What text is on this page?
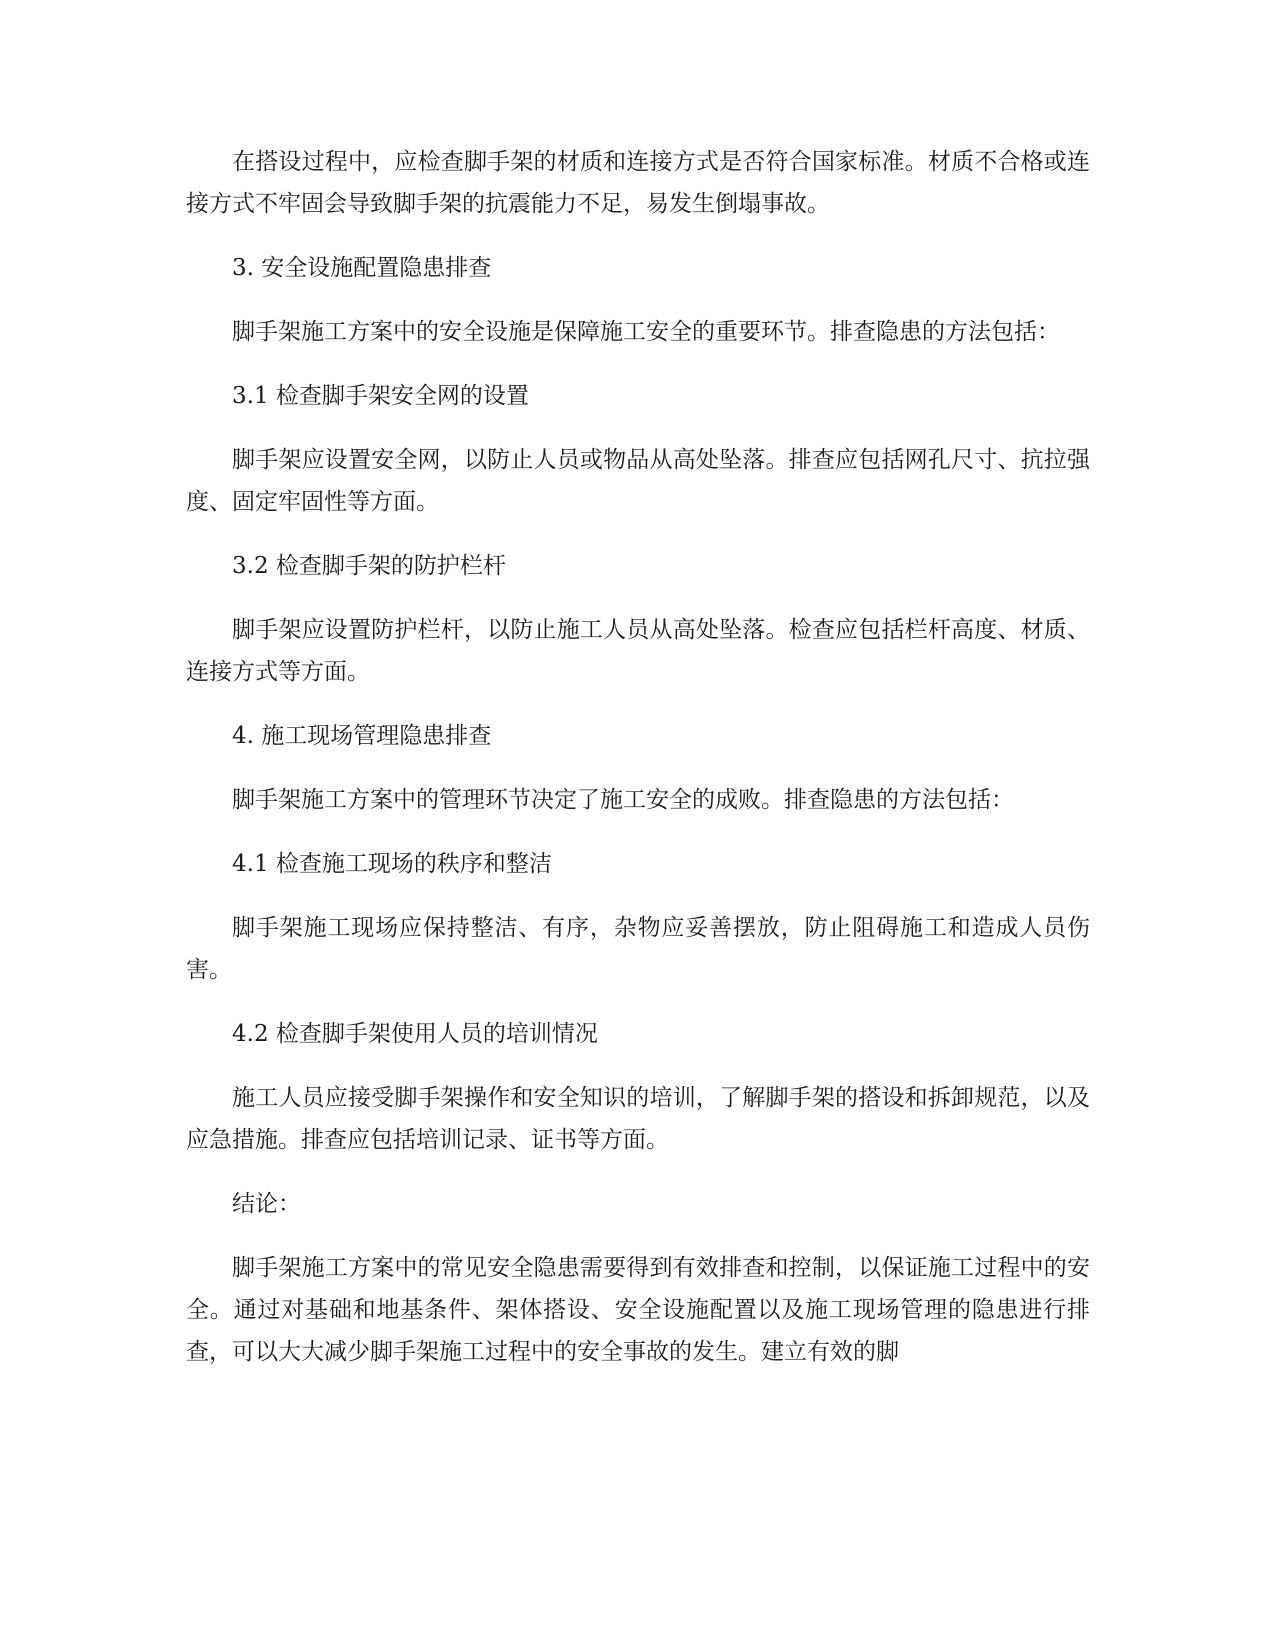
在搭设过程中，应检查脚手架的材质和连接方式是否符合国家标准。材质不合格或连接方式不牢固会导致脚手架的抗震能力不足，易发生倒塌事故。

3. 安全设施配置隐患排查

脚手架施工方案中的安全设施是保障施工安全的重要环节。排查隐患的方法包括：

3.1 检查脚手架安全网的设置

脚手架应设置安全网，以防止人员或物品从高处坠落。排查应包括网孔尺寸、抗拉强度、固定牢固性等方面。

3.2 检查脚手架的防护栏杆

脚手架应设置防护栏杆，以防止施工人员从高处坠落。检查应包括栏杆高度、材质、连接方式等方面。

4. 施工现场管理隐患排查

脚手架施工方案中的管理环节决定了施工安全的成败。排查隐患的方法包括：

4.1 检查施工现场的秩序和整洁

脚手架施工现场应保持整洁、有序，杂物应妥善摆放，防止阻碍施工和造成人员伤害。

4.2 检查脚手架使用人员的培训情况

施工人员应接受脚手架操作和安全知识的培训，了解脚手架的搭设和拆卸规范，以及应急措施。排查应包括培训记录、证书等方面。

结论：

脚手架施工方案中的常见安全隐患需要得到有效排查和控制，以保证施工过程中的安全。通过对基础和地基条件、架体搭设、安全设施配置以及施工现场管理的隐患进行排查，可以大大减少脚手架施工过程中的安全事故的发生。建立有效的脚
